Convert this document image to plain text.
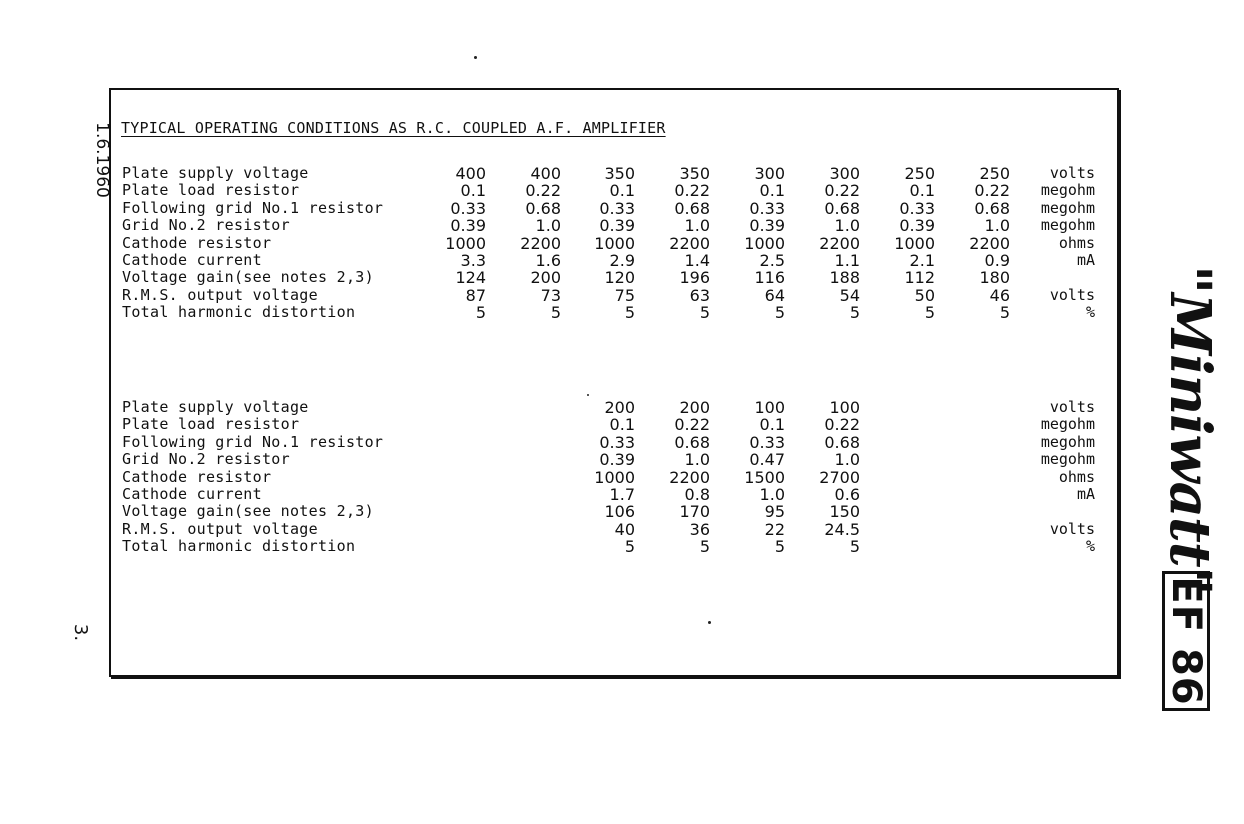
TYPICAL OPERATING CONDITIONS AS R.C. COUPLED A.F. AMPLIFIER
1.6.1960
3.
"Miniwatt"
EF 86
Plate supply voltage	400	400	350	350	300	300	250	250	volts
Plate load resistor	0.1	0.22	0.1	0.22	0.1	0.22	0.1	0.22	megohm
Following grid No.1 resistor	0.33	0.68	0.33	0.68	0.33	0.68	0.33	0.68	megohm
Grid No.2 resistor	0.39	1.0	0.39	1.0	0.39	1.0	0.39	1.0	megohm
Cathode resistor	1000	2200	1000	2200	1000	2200	1000	2200	ohms
Cathode current	3.3	1.6	2.9	1.4	2.5	1.1	2.1	0.9	mA
Voltage gain(see notes 2,3)	124	200	120	196	116	188	112	180
R.M.S. output voltage	87	73	75	63	64	54	50	46	volts
Total harmonic distortion	5	5	5	5	5	5	5	5	%
Plate supply voltage	200	200	100	100	volts
Plate load resistor	0.1	0.22	0.1	0.22	megohm
Following grid No.1 resistor	0.33	0.68	0.33	0.68	megohm
Grid No.2 resistor	0.39	1.0	0.47	1.0	megohm
Cathode resistor	1000	2200	1500	2700	ohms
Cathode current	1.7	0.8	1.0	0.6	mA
Voltage gain(see notes 2,3)	106	170	95	150
R.M.S. output voltage	40	36	22	24.5	volts
Total harmonic distortion	5	5	5	5	%
